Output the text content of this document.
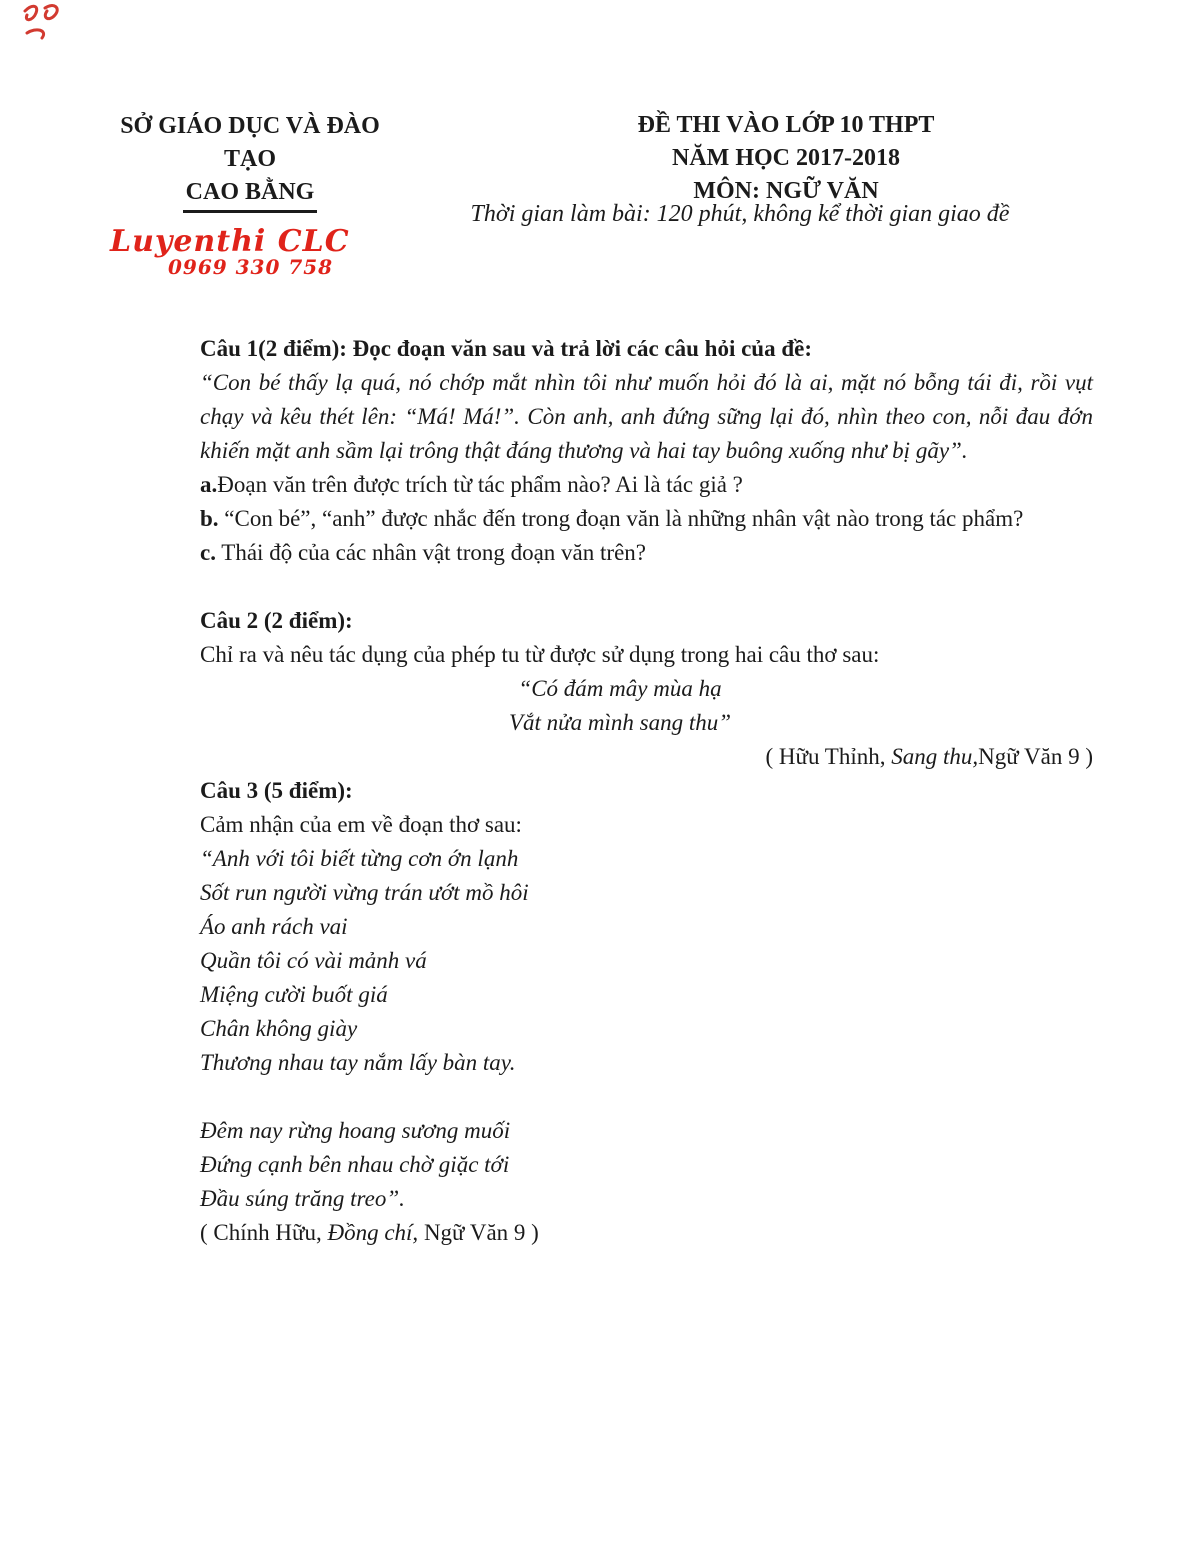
SỞ GIÁO DỤC VÀ ĐÀO TẠO
CAO BẰNG
ĐỀ THI VÀO LỚP 10 THPT
NĂM HỌC 2017-2018
MÔN: NGỮ VĂN
Thời gian làm bài: 120 phút, không kể thời gian giao đề
Luyenthi CLC
0969 330 758
Câu 1(2 điểm): Đọc đoạn văn sau và trả lời các câu hỏi của đề:

“Con bé thấy lạ quá, nó chớp mắt nhìn tôi như muốn hỏi đó là ai, mặt nó bỗng tái đi, rồi vụt chạy và kêu thét lên: “Má! Má!”. Còn anh, anh đứng sững lại đó, nhìn theo con, nỗi đau đớn khiến mặt anh sầm lại trông thật đáng thương và hai tay buông xuống như bị gãy”.

a.Đoạn văn trên được trích từ tác phẩm nào? Ai là tác giả ?
b. “Con bé”, “anh” được nhắc đến trong đoạn văn là những nhân vật nào trong tác phẩm?
c. Thái độ của các nhân vật trong đoạn văn trên?
Câu 2 (2 điểm):
Chỉ ra và nêu tác dụng của phép tu từ được sử dụng trong hai câu thơ sau:
“Có đám mây mùa hạ
Vắt nửa mình sang thu”
( Hữu Thỉnh, Sang thu,Ngữ Văn 9 )
Câu 3 (5 điểm):
Cảm nhận của em về đoạn thơ sau:
“Anh với tôi biết từng cơn ớn lạnh
Sốt run người vừng trán ướt mồ hôi
Áo anh rách vai
Quần tôi có vài mảnh vá
Miệng cười buốt giá
Chân không giày
Thương nhau tay nắm lấy bàn tay.
Đêm nay rừng hoang sương muối
Đứng cạnh bên nhau chờ giặc tới
Đầu súng trăng treo”.
( Chính Hữu, Đồng chí, Ngữ Văn 9 )
